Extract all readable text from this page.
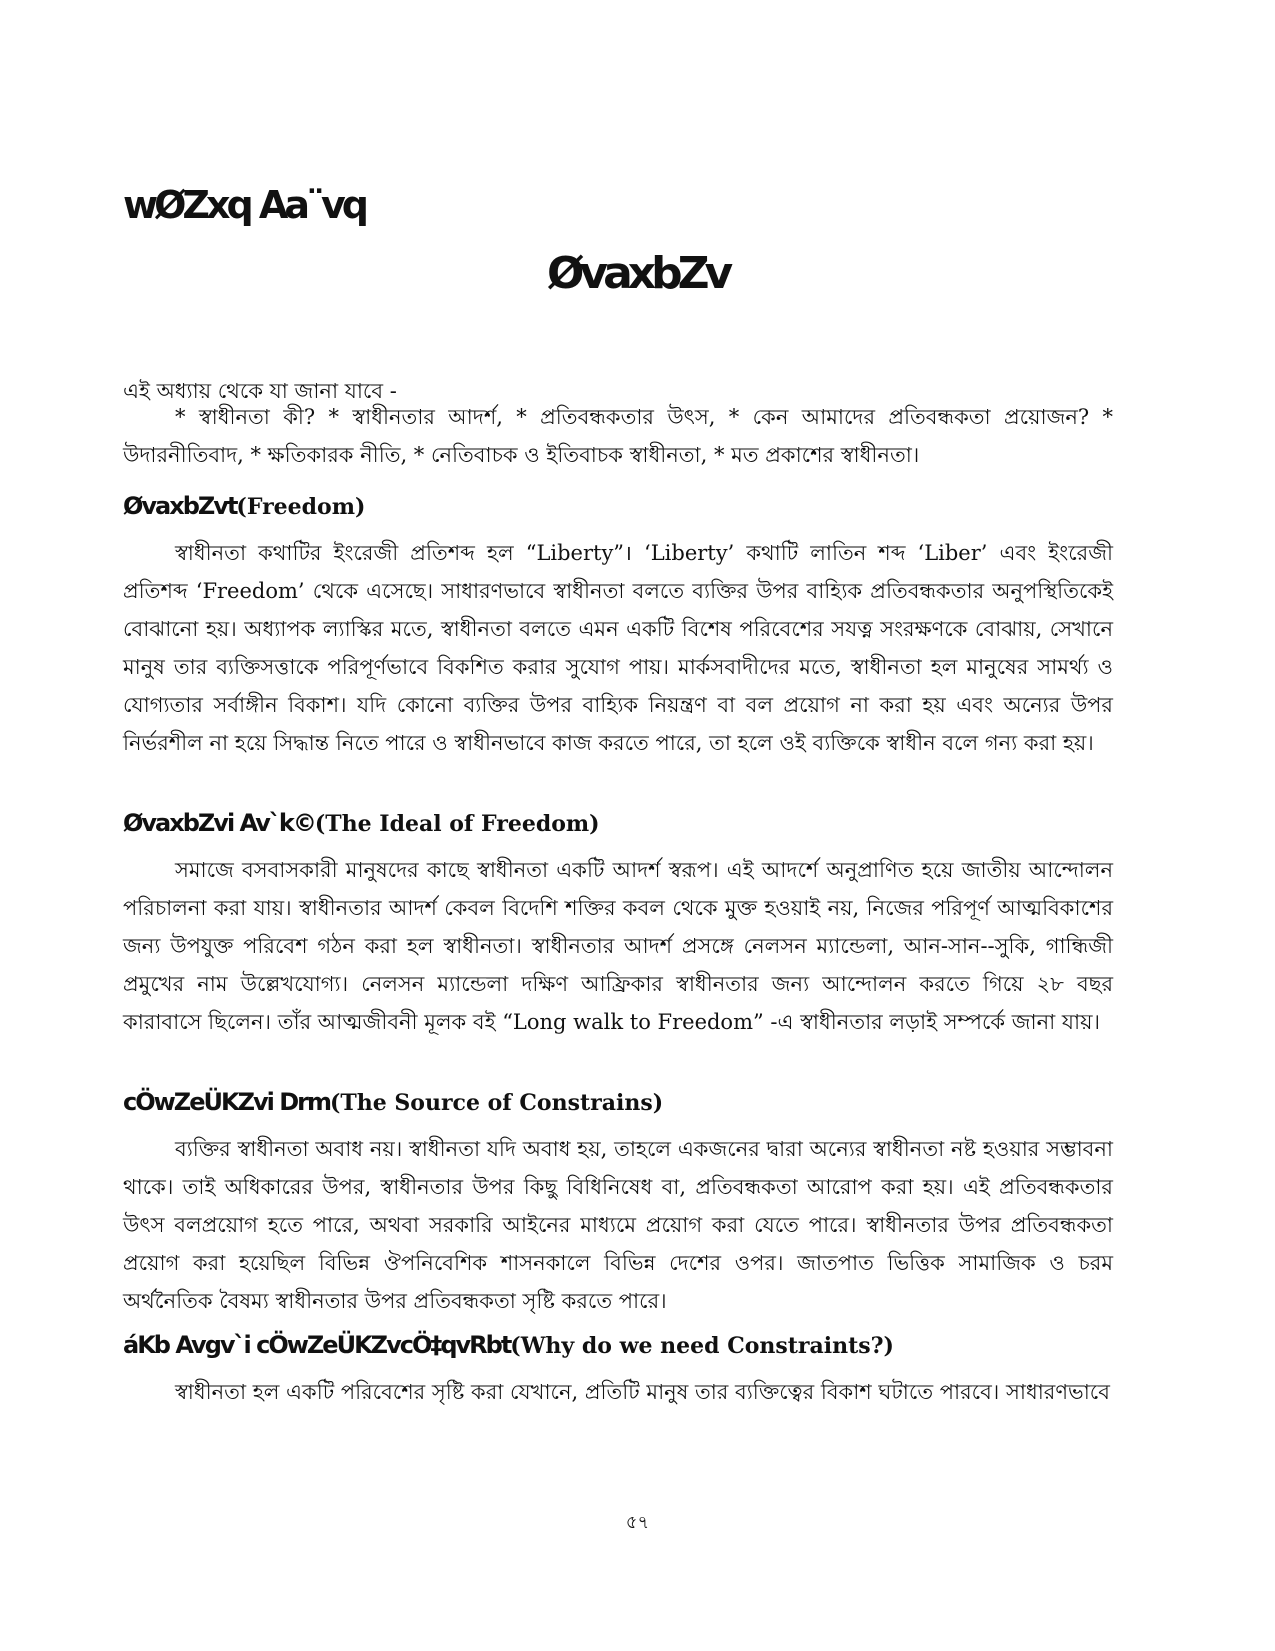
wØZxq Aa¨vq
ØvaxbZv

এই অধ্যায় থেকে যা জানা যাবে -

* স্বাধীনতা কী? * স্বাধীনতার আদর্শ, * প্রতিবন্ধকতার উৎস, * কেন আমাদের প্রতিবন্ধকতা প্রয়োজন? * উদারনীতিবাদ, * ক্ষতিকারক নীতি, * নেতিবাচক ও ইতিবাচক স্বাধীনতা, * মত প্রকাশের স্বাধীনতা।

ØvaxbZvt(Freedom)

স্বাধীনতা কথাটির ইংরেজী প্রতিশব্দ হল “Liberty”। ‘Liberty’ কথাটি লাতিন শব্দ ‘Liber’ এবং ইংরেজী প্রতিশব্দ ‘Freedom’ থেকে এসেছে। সাধারণভাবে স্বাধীনতা বলতে ব্যক্তির উপর বাহ্যিক প্রতিবন্ধকতার অনুপস্থিতিকেই বোঝানো হয়। অধ্যাপক ল্যাস্কির মতে, স্বাধীনতা বলতে এমন একটি বিশেষ পরিবেশের সযত্ন সংরক্ষণকে বোঝায়, সেখানে মানুষ তার ব্যক্তিসত্তাকে পরিপূর্ণভাবে বিকশিত করার সুযোগ পায়। মার্কসবাদীদের মতে, স্বাধীনতা হল মানুষের সামর্থ্য ও যোগ্যতার সর্বাঙ্গীন বিকাশ। যদি কোনো ব্যক্তির উপর বাহ্যিক নিয়ন্ত্রণ বা বল প্রয়োগ না করা হয় এবং অন্যের উপর নির্ভরশীল না হয়ে সিদ্ধান্ত নিতে পারে ও স্বাধীনভাবে কাজ করতে পারে, তা হলে ওই ব্যক্তিকে স্বাধীন বলে গন্য করা হয়।

ØvaxbZvi Av`k©(The Ideal of Freedom)

সমাজে বসবাসকারী মানুষদের কাছে স্বাধীনতা একটি আদর্শ স্বরূপ। এই আদর্শে অনুপ্রাণিত হয়ে জাতীয় আন্দোলন পরিচালনা করা যায়। স্বাধীনতার আদর্শ কেবল বিদেশি শক্তির কবল থেকে মুক্ত হওয়াই নয়, নিজের পরিপূর্ণ আত্মবিকাশের জন্য উপযুক্ত পরিবেশ গঠন করা হল স্বাধীনতা। স্বাধীনতার আদর্শ প্রসঙ্গে নেলসন ম্যান্ডেলা, আন-সান--সুকি, গান্ধিজী প্রমুখের নাম উল্লেখযোগ্য। নেলসন ম্যান্ডেলা দক্ষিণ আফ্রিকার স্বাধীনতার জন্য আন্দোলন করতে গিয়ে ২৮ বছর কারাবাসে ছিলেন। তাঁর আত্মজীবনী মূলক বই “Long walk to Freedom” -এ স্বাধীনতার লড়াই সম্পর্কে জানা যায়।

cÖwZeÜKZvi Drm(The Source of Constrains)

ব্যক্তির স্বাধীনতা অবাধ নয়। স্বাধীনতা যদি অবাধ হয়, তাহলে একজনের দ্বারা অন্যের স্বাধীনতা নষ্ট হওয়ার সম্ভাবনা থাকে। তাই অধিকারের উপর, স্বাধীনতার উপর কিছু বিধিনিষেধ বা, প্রতিবন্ধকতা আরোপ করা হয়। এই প্রতিবন্ধকতার উৎস বলপ্রয়োগ হতে পারে, অথবা সরকারি আইনের মাধ্যমে প্রয়োগ করা যেতে পারে। স্বাধীনতার উপর প্রতিবন্ধকতা প্রয়োগ করা হয়েছিল বিভিন্ন ঔপনিবেশিক শাসনকালে বিভিন্ন দেশের ওপর। জাতপাত ভিত্তিক সামাজিক ও চরম অর্থনৈতিক বৈষম্য স্বাধীনতার উপর প্রতিবন্ধকতা সৃষ্টি করতে পারে।

áKb Avgv`i cÖwZeÜKZvcÖ‡qvRbt(Why do we need Constraints?)

স্বাধীনতা হল একটি পরিবেশের সৃষ্টি করা যেখানে, প্রতিটি মানুষ তার ব্যক্তিত্বের বিকাশ ঘটাতে পারবে। সাধারণভাবে

৫৭
